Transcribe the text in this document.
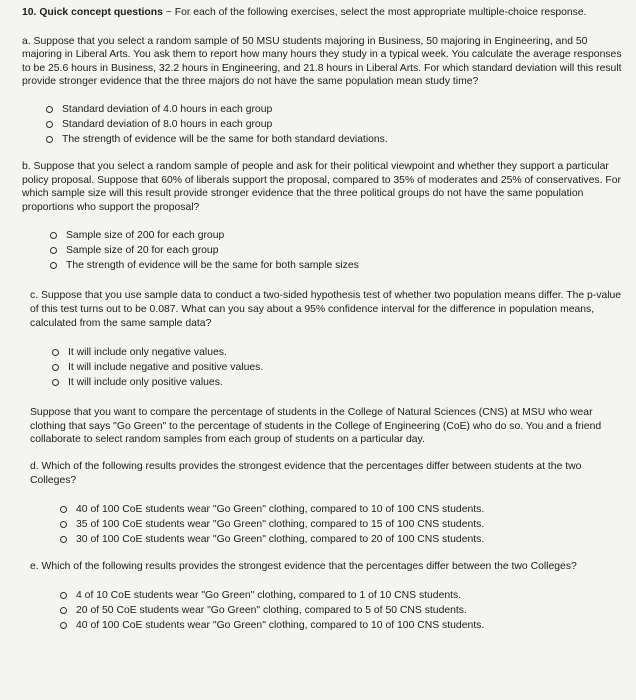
10. Quick concept questions ~ For each of the following exercises, select the most appropriate multiple-choice response.

a. Suppose that you select a random sample of 50 MSU students majoring in Business, 50 majoring in Engineering, and 50 majoring in Liberal Arts. You ask them to report how many hours they study in a typical week. You calculate the average responses to be 25.6 hours in Business, 32.2 hours in Engineering, and 21.8 hours in Liberal Arts. For which standard deviation will this result provide stronger evidence that the three majors do not have the same population mean study time?

Standard deviation of 4.0 hours in each group
Standard deviation of 8.0 hours in each group
The strength of evidence will be the same for both standard deviations.

b. Suppose that you select a random sample of people and ask for their political viewpoint and whether they support a particular policy proposal. Suppose that 60% of liberals support the proposal, compared to 35% of moderates and 25% of conservatives. For which sample size will this result provide stronger evidence that the three political groups do not have the same population proportions who support the proposal?

Sample size of 200 for each group
Sample size of 20 for each group
The strength of evidence will be the same for both sample sizes

c. Suppose that you use sample data to conduct a two-sided hypothesis test of whether two population means differ. The p-value of this test turns out to be 0.087. What can you say about a 95% confidence interval for the difference in population means, calculated from the same sample data?

It will include only negative values.
It will include negative and positive values.
It will include only positive values.

Suppose that you want to compare the percentage of students in the College of Natural Sciences (CNS) at MSU who wear clothing that says "Go Green" to the percentage of students in the College of Engineering (CoE) who do so. You and a friend collaborate to select random samples from each group of students on a particular day.

d. Which of the following results provides the strongest evidence that the percentages differ between students at the two Colleges?

40 of 100 CoE students wear "Go Green" clothing, compared to 10 of 100 CNS students.
35 of 100 CoE students wear "Go Green" clothing, compared to 15 of 100 CNS students.
30 of 100 CoE students wear "Go Green" clothing, compared to 20 of 100 CNS students.

e. Which of the following results provides the strongest evidence that the percentages differ between the two Colleges?

4 of 10 CoE students wear "Go Green" clothing, compared to 1 of 10 CNS students.
20 of 50 CoE students wear "Go Green" clothing, compared to 5 of 50 CNS students.
40 of 100 CoE students wear "Go Green" clothing, compared to 10 of 100 CNS students.
